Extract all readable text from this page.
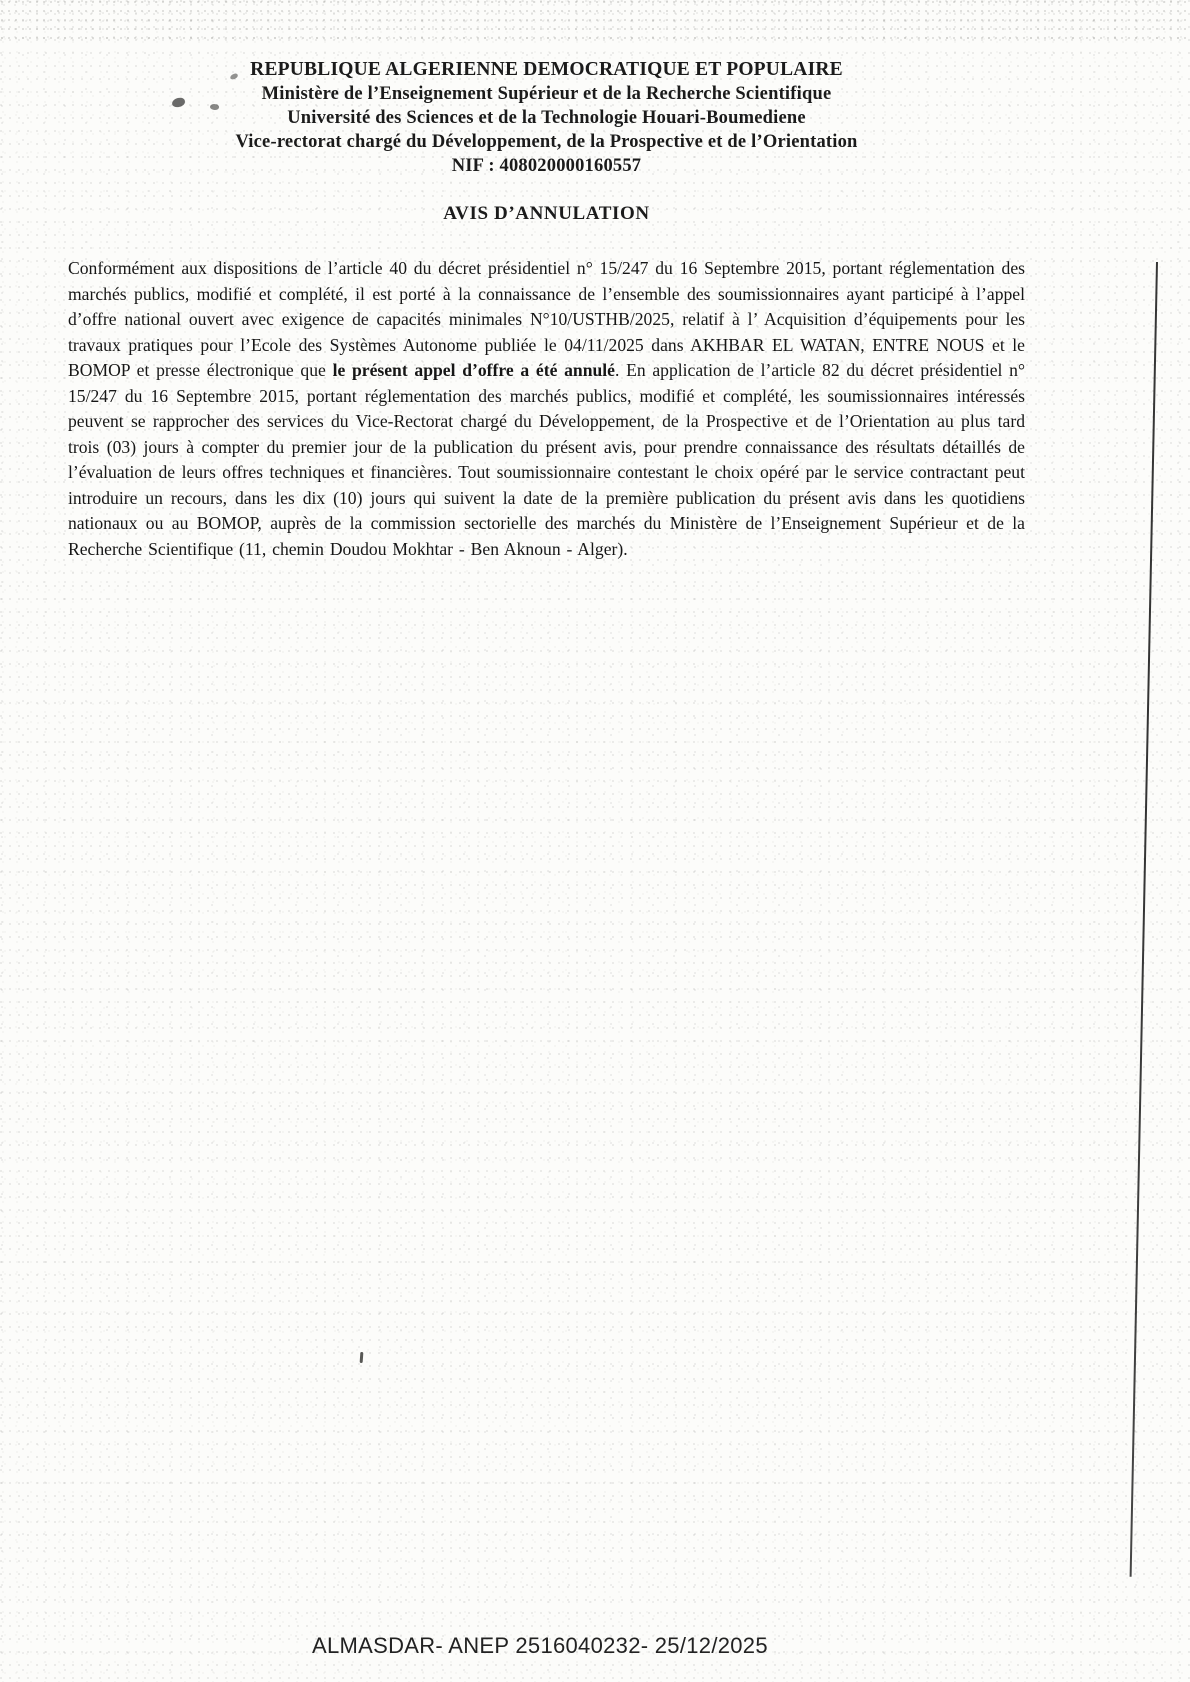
REPUBLIQUE ALGERIENNE DEMOCRATIQUE ET POPULAIRE
Ministère de l’Enseignement Supérieur et de la Recherche Scientifique
Université des Sciences et de la Technologie Houari-Boumediene
Vice-rectorat chargé du Développement, de la Prospective et de l’Orientation
NIF : 408020000160557
AVIS D’ANNULATION

Conformément aux dispositions de l’article 40 du décret présidentiel n° 15/247 du 16 Septembre 2015, portant réglementation des marchés publics, modifié et complété, il est porté à la connaissance de l’ensemble des soumissionnaires ayant participé à l’appel d’offre national ouvert avec exigence de capacités minimales N°10/USTHB/2025, relatif à l’ Acquisition d’équipements pour les travaux pratiques pour l’Ecole des Systèmes Autonome publiée le 04/11/2025 dans AKHBAR EL WATAN, ENTRE NOUS et le BOMOP et presse électronique que le présent appel d’offre a été annulé. En application de l’article 82 du décret présidentiel n° 15/247 du 16 Septembre 2015, portant réglementation des marchés publics, modifié et complété, les soumissionnaires intéressés peuvent se rapprocher des services du Vice-Rectorat chargé du Développement, de la Prospective et de l’Orientation au plus tard trois (03) jours à compter du premier jour de la publication du présent avis, pour prendre connaissance des résultats détaillés de l’évaluation de leurs offres techniques et financières. Tout soumissionnaire contestant le choix opéré par le service contractant peut introduire un recours, dans les dix (10) jours qui suivent la date de la première publication du présent avis dans les quotidiens nationaux ou au BOMOP, auprès de la commission sectorielle des marchés du Ministère de l’Enseignement Supérieur et de la Recherche Scientifique (11, chemin Doudou Mokhtar - Ben Aknoun - Alger).

ALMASDAR- ANEP 2516040232- 25/12/2025
